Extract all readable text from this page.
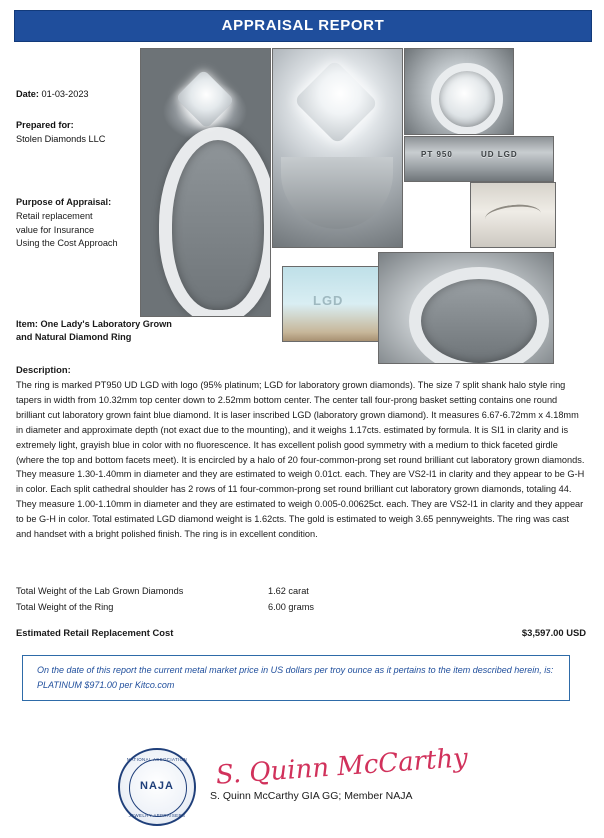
APPRAISAL REPORT
Date: 01-03-2023
Prepared for:
Stolen Diamonds LLC
Purpose of Appraisal:
Retail replacement
value for Insurance
Using the Cost Approach
Item: One Lady's Laboratory Grown
and Natural Diamond Ring
PT 950	UD LGD
LGD
Description:
The ring is marked PT950 UD LGD with logo (95% platinum; LGD for laboratory grown diamonds). The size 7 split shank halo style ring tapers in width from 10.32mm top center down to 2.52mm bottom center. The center tall four-prong basket setting contains one round brilliant cut laboratory grown faint blue diamond. It is laser inscribed LGD (laboratory grown diamond). It measures 6.67-6.72mm x 4.18mm in diameter and approximate depth (not exact due to the mounting), and it weighs 1.17cts. estimated by formula. It is SI1 in clarity and is extremely light, grayish blue in color with no fluorescence. It has excellent polish good symmetry with a medium to thick faceted girdle (where the top and bottom facets meet). It is encircled by a halo of 20 four-common-prong set round brilliant cut laboratory grown diamonds. They measure 1.30-1.40mm in diameter and they are estimated to weigh 0.01ct. each. They are VS2-I1 in clarity and they appear to be G-H in color. Each split cathedral shoulder has 2 rows of 11 four-common-prong set round brilliant cut laboratory grown diamonds, totaling 44. They measure 1.00-1.10mm in diameter and they are estimated to weigh 0.005-0.00625ct. each. They are VS2-I1 in clarity and they appear to be G-H in color. Total estimated LGD diamond weight is 1.62cts. The gold is estimated to weigh 3.65 pennyweights. The ring was cast and handset with a bright polished finish. The ring is in excellent condition.
Total Weight of the Lab Grown Diamonds	1.62 carat
Total Weight of the Ring	6.00 grams
Estimated Retail Replacement Cost	$3,597.00 USD
On the date of this report the current metal market price in US dollars per troy ounce as it pertains to the item described herein, is: PLATINUM $971.00 per Kitco.com
NATIONAL ASSOCIATION
NAJA
JEWELRY APPRAISERS
S. Quinn McCarthy
S. Quinn McCarthy GIA GG; Member NAJA
